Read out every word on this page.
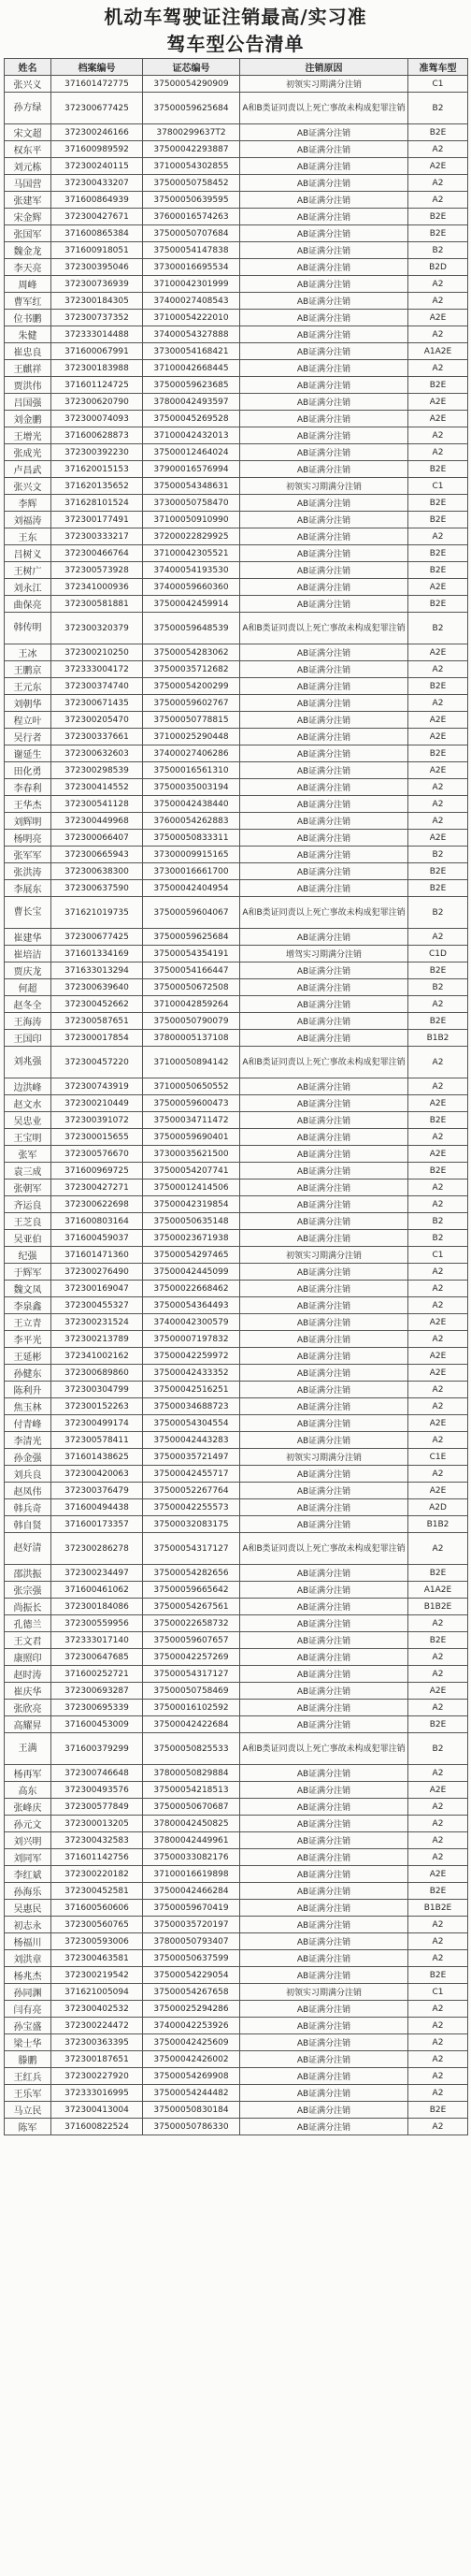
机动车驾驶证注销最高/实习准
驾车型公告清单
姓名	档案编号	证芯编号	注销原因	准驾车型
张兴义	371601472775	37500054290909	初领实习期满分注销	C1
孙方绿	372300677425	37500059625684	A和B类证同责以上死亡事故未构成犯罪注销	B2
宋文超	372300246166	37800299637T2	AB证满分注销	B2E
权东平	371600989592	37500042293887	AB证满分注销	A2
刘元栋	372300240115	37100054302855	AB证满分注销	A2E
马国营	372300433207	37500050758452	AB证满分注销	A2
张建军	371600864939	37500050639595	AB证满分注销	A2
宋金辉	372300427671	37600016574263	AB证满分注销	B2E
张国军	371600865384	37500050707684	AB证满分注销	B2E
魏金龙	371600918051	37500054147838	AB证满分注销	B2
李天亮	372300395046	37300016695534	AB证满分注销	B2D
周峰	372300736939	37100042301999	AB证满分注销	A2
曹军红	372300184305	37400027408543	AB证满分注销	A2
位书鹏	372300737352	37100054222010	AB证满分注销	A2E
朱健	372333014488	37400054327888	AB证满分注销	A2
崔忠良	371600067991	37300054168421	AB证满分注销	A1A2E
王麒祥	372300183988	37100042668445	AB证满分注销	A2
贾洪伟	371601124725	37500059623685	AB证满分注销	B2E
吕国强	372300620790	37800042493597	AB证满分注销	A2E
刘金鹏	372300074093	37500045269528	AB证满分注销	A2E
王增光	371600628873	37100042432013	AB证满分注销	A2
张成光	372300392230	37500012464024	AB证满分注销	A2
卢昌武	371620015153	37900016576994	AB证满分注销	B2E
张兴文	371620135652	37500054348631	初领实习期满分注销	C1
李辉	371628101524	37300050758470	AB证满分注销	B2E
刘福涛	372300177491	37100050910990	AB证满分注销	B2E
王东	372300333217	37200022829925	AB证满分注销	A2
吕树义	372300466764	37100042305521	AB证满分注销	B2E
王树广	372300573928	37400054193530	AB证满分注销	B2E
刘永江	372341000936	37400059660360	AB证满分注销	A2E
曲保亮	372300581881	37500042459914	AB证满分注销	B2E
韩传明	372300320379	37500059648539	A和B类证同责以上死亡事故未构成犯罪注销	B2
王冰	372300210250	37500054283062	AB证满分注销	A2E
王鹏京	372333004172	37500035712682	AB证满分注销	A2
王元东	372300374740	37500054200299	AB证满分注销	B2E
刘朝华	372300671435	37500059602767	AB证满分注销	A2
程立叶	372300205470	37500050778815	AB证满分注销	A2E
吴行者	372300337661	37100025290448	AB证满分注销	A2E
谢延生	372300632603	37400027406286	AB证满分注销	B2E
田化勇	372300298539	37500016561310	AB证满分注销	A2E
李春利	372300414552	37500035003194	AB证满分注销	A2
王华杰	372300541128	37500042438440	AB证满分注销	A2
刘辉明	372300449968	37600054262883	AB证满分注销	A2
杨明亮	372300066407	37500050833311	AB证满分注销	A2E
张军军	372300665943	37300009915165	AB证满分注销	B2
张洪涛	372300638300	37300016661700	AB证满分注销	B2E
李展东	372300637590	37500042404954	AB证满分注销	B2E
曹长宝	371621019735	37500059604067	A和B类证同责以上死亡事故未构成犯罪注销	B2
崔建华	372300677425	37500059625684	AB证满分注销	A2
崔培洁	371601334169	37500054354191	增驾实习期满分注销	C1D
贾庆龙	371633013294	37500054166447	AB证满分注销	B2E
何超	372300639640	37500050672508	AB证满分注销	B2
赵冬全	372300452662	37100042859264	AB证满分注销	A2
王海涛	372300587651	37500050790079	AB证满分注销	B2E
王国印	372300017854	37800005137108	AB证满分注销	B1B2
刘兆强	372300457220	37100050894142	A和B类证同责以上死亡事故未构成犯罪注销	A2
边洪峰	372300743919	37100050650552	AB证满分注销	A2
赵文水	372300210449	37500059600473	AB证满分注销	A2E
吴忠业	372300391072	37500034711472	AB证满分注销	B2E
王宝明	372300015655	37500059690401	AB证满分注销	A2
张军	372300576670	37300035621500	AB证满分注销	A2E
袁三成	371600969725	37500054207741	AB证满分注销	B2E
张朝军	372300427271	37500012414506	AB证满分注销	A2
齐运良	372300622698	37500042319854	AB证满分注销	A2
王芝良	371600803164	37500050635148	AB证满分注销	B2
吴亚伯	371600459037	37500023671938	AB证满分注销	B2
纪强	371601471360	37500054297465	初领实习期满分注销	C1
于辉军	372300276490	37500042445099	AB证满分注销	A2
魏文凤	372300169047	37500022668462	AB证满分注销	A2
李泉鑫	372300455327	37500054364493	AB证满分注销	A2
王立青	372300231524	37400042300579	AB证满分注销	A2E
李平光	372300213789	37500007197832	AB证满分注销	A2
王延彬	372341002162	37500042259972	AB证满分注销	A2E
孙健东	372300689860	37500042433352	AB证满分注销	A2E
陈利升	372300304799	37500042516251	AB证满分注销	A2
焦玉林	372300152263	37500034688723	AB证满分注销	A2
付青峰	372300499174	37500054304554	AB证满分注销	A2E
李清光	372300578411	37500042443283	AB证满分注销	A2
孙金强	371601438625	37500035721497	初领实习期满分注销	C1E
刘兵良	372300420063	37500042455717	AB证满分注销	A2
赵凤伟	372300376479	37500052267764	AB证满分注销	A2E
韩兵奇	371600494438	37500042255573	AB证满分注销	A2D
韩自贤	371600173357	37500032083175	AB证满分注销	B1B2
赵好清	372300286278	37500054317127	A和B类证同责以上死亡事故未构成犯罪注销	A2
邵洪振	372300234497	37500054282656	AB证满分注销	B2E
张宗强	371600461062	37500059665642	AB证满分注销	A1A2E
尚振长	372300184086	37500054267561	AB证满分注销	B1B2E
孔德兰	372300559956	37500022658732	AB证满分注销	A2
王文君	372333017140	37500059607657	AB证满分注销	B2E
康照印	372300647685	37500042257269	AB证满分注销	A2
赵时涛	371600252721	37500054317127	AB证满分注销	A2
崔庆华	372300693287	37500050758469	AB证满分注销	A2E
张欣亮	372300695339	37500016102592	AB证满分注销	A2
高耀昇	371600453009	37500042422684	AB证满分注销	B2E
王满	371600379299	37500050825533	A和B类证同责以上死亡事故未构成犯罪注销	B2
杨再军	372300746648	37800050829884	AB证满分注销	A2
高东	372300493576	37500054218513	AB证满分注销	A2E
张峰庆	372300577849	37500050670687	AB证满分注销	A2
孙元文	372300013205	37800042450825	AB证满分注销	A2
刘兴明	372300432583	37800042449961	AB证满分注销	A2
刘同军	371601142756	37500033082176	AB证满分注销	A2
李红斌	372300220182	37100016619898	AB证满分注销	A2E
孙海乐	372300452581	37500042466284	AB证满分注销	B2E
吴惠民	371600560606	37500059670419	AB证满分注销	B1B2E
初志永	372300560765	37500035720197	AB证满分注销	A2
杨福川	372300593006	37800050793407	AB证满分注销	A2
刘洪章	372300463581	37500050637599	AB证满分注销	A2
杨兆杰	372300219542	37500054229054	AB证满分注销	B2E
孙同渊	371621005094	37500054267658	初领实习期满分注销	C1
闫有亮	372300402532	37500025294286	AB证满分注销	A2
孙宝盛	372300224472	37400042253926	AB证满分注销	A2
梁士华	372300363395	37500042425609	AB证满分注销	A2
滕鹏	372300187651	37500042426002	AB证满分注销	A2
王红兵	372300227920	37500054269908	AB证满分注销	A2
王乐军	372333016995	37500054244482	AB证满分注销	A2
马立民	372300413004	37500050830184	AB证满分注销	B2E
陈军	371600822524	37500050786330	AB证满分注销	A2
